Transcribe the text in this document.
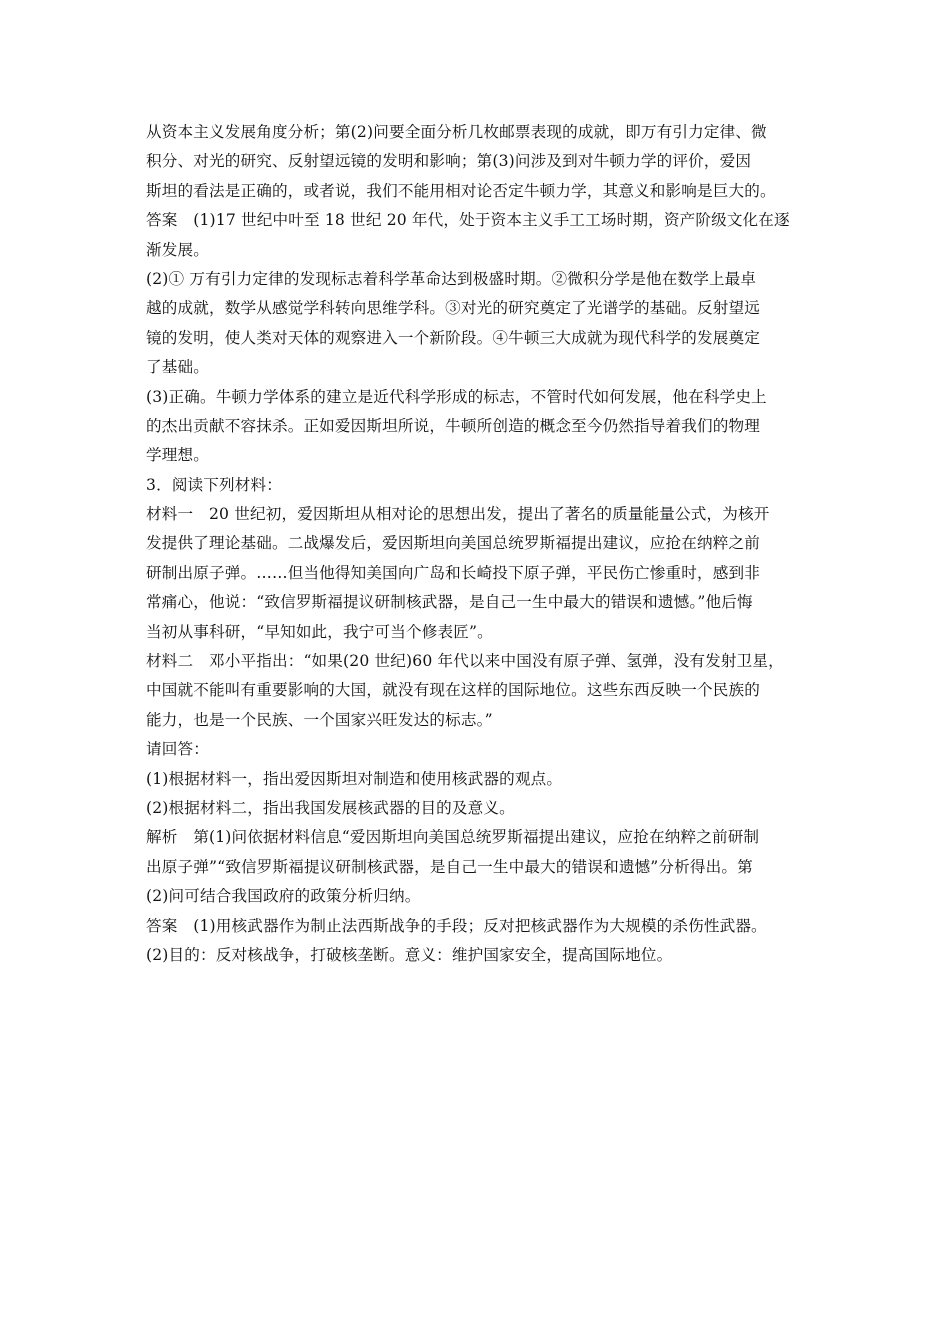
从资本主义发展角度分析；第(2)问要全面分析几枚邮票表现的成就，即万有引力定律、微
积分、对光的研究、反射望远镜的发明和影响；第(3)问涉及到对牛顿力学的评价，爱因
斯坦的看法是正确的，或者说，我们不能用相对论否定牛顿力学，其意义和影响是巨大的。
答案　(1)17 世纪中叶至 18 世纪 20 年代，处于资本主义手工工场时期，资产阶级文化在逐
渐发展。
(2)① 万有引力定律的发现标志着科学革命达到极盛时期。②微积分学是他在数学上最卓
越的成就，数学从感觉学科转向思维学科。③对光的研究奠定了光谱学的基础。反射望远
镜的发明，使人类对天体的观察进入一个新阶段。④牛顿三大成就为现代科学的发展奠定
了基础。
(3)正确。牛顿力学体系的建立是近代科学形成的标志，不管时代如何发展，他在科学史上
的杰出贡献不容抹杀。正如爱因斯坦所说，牛顿所创造的概念至今仍然指导着我们的物理
学理想。
3．阅读下列材料：
材料一　20 世纪初，爱因斯坦从相对论的思想出发，提出了著名的质量能量公式，为核开
发提供了理论基础。二战爆发后，爱因斯坦向美国总统罗斯福提出建议，应抢在纳粹之前
研制出原子弹。……但当他得知美国向广岛和长崎投下原子弹，平民伤亡惨重时，感到非
常痛心，他说：“致信罗斯福提议研制核武器，是自己一生中最大的错误和遗憾。”他后悔
当初从事科研，“早知如此，我宁可当个修表匠”。
材料二　邓小平指出：“如果(20 世纪)60 年代以来中国没有原子弹、氢弹，没有发射卫星，
中国就不能叫有重要影响的大国，就没有现在这样的国际地位。这些东西反映一个民族的
能力，也是一个民族、一个国家兴旺发达的标志。”
请回答：
(1)根据材料一，指出爱因斯坦对制造和使用核武器的观点。
(2)根据材料二，指出我国发展核武器的目的及意义。
解析　第(1)问依据材料信息“爱因斯坦向美国总统罗斯福提出建议，应抢在纳粹之前研制
出原子弹”“致信罗斯福提议研制核武器，是自己一生中最大的错误和遗憾”分析得出。第
(2)问可结合我国政府的政策分析归纳。
答案　(1)用核武器作为制止法西斯战争的手段；反对把核武器作为大规模的杀伤性武器。
(2)目的：反对核战争，打破核垄断。意义：维护国家安全，提高国际地位。
